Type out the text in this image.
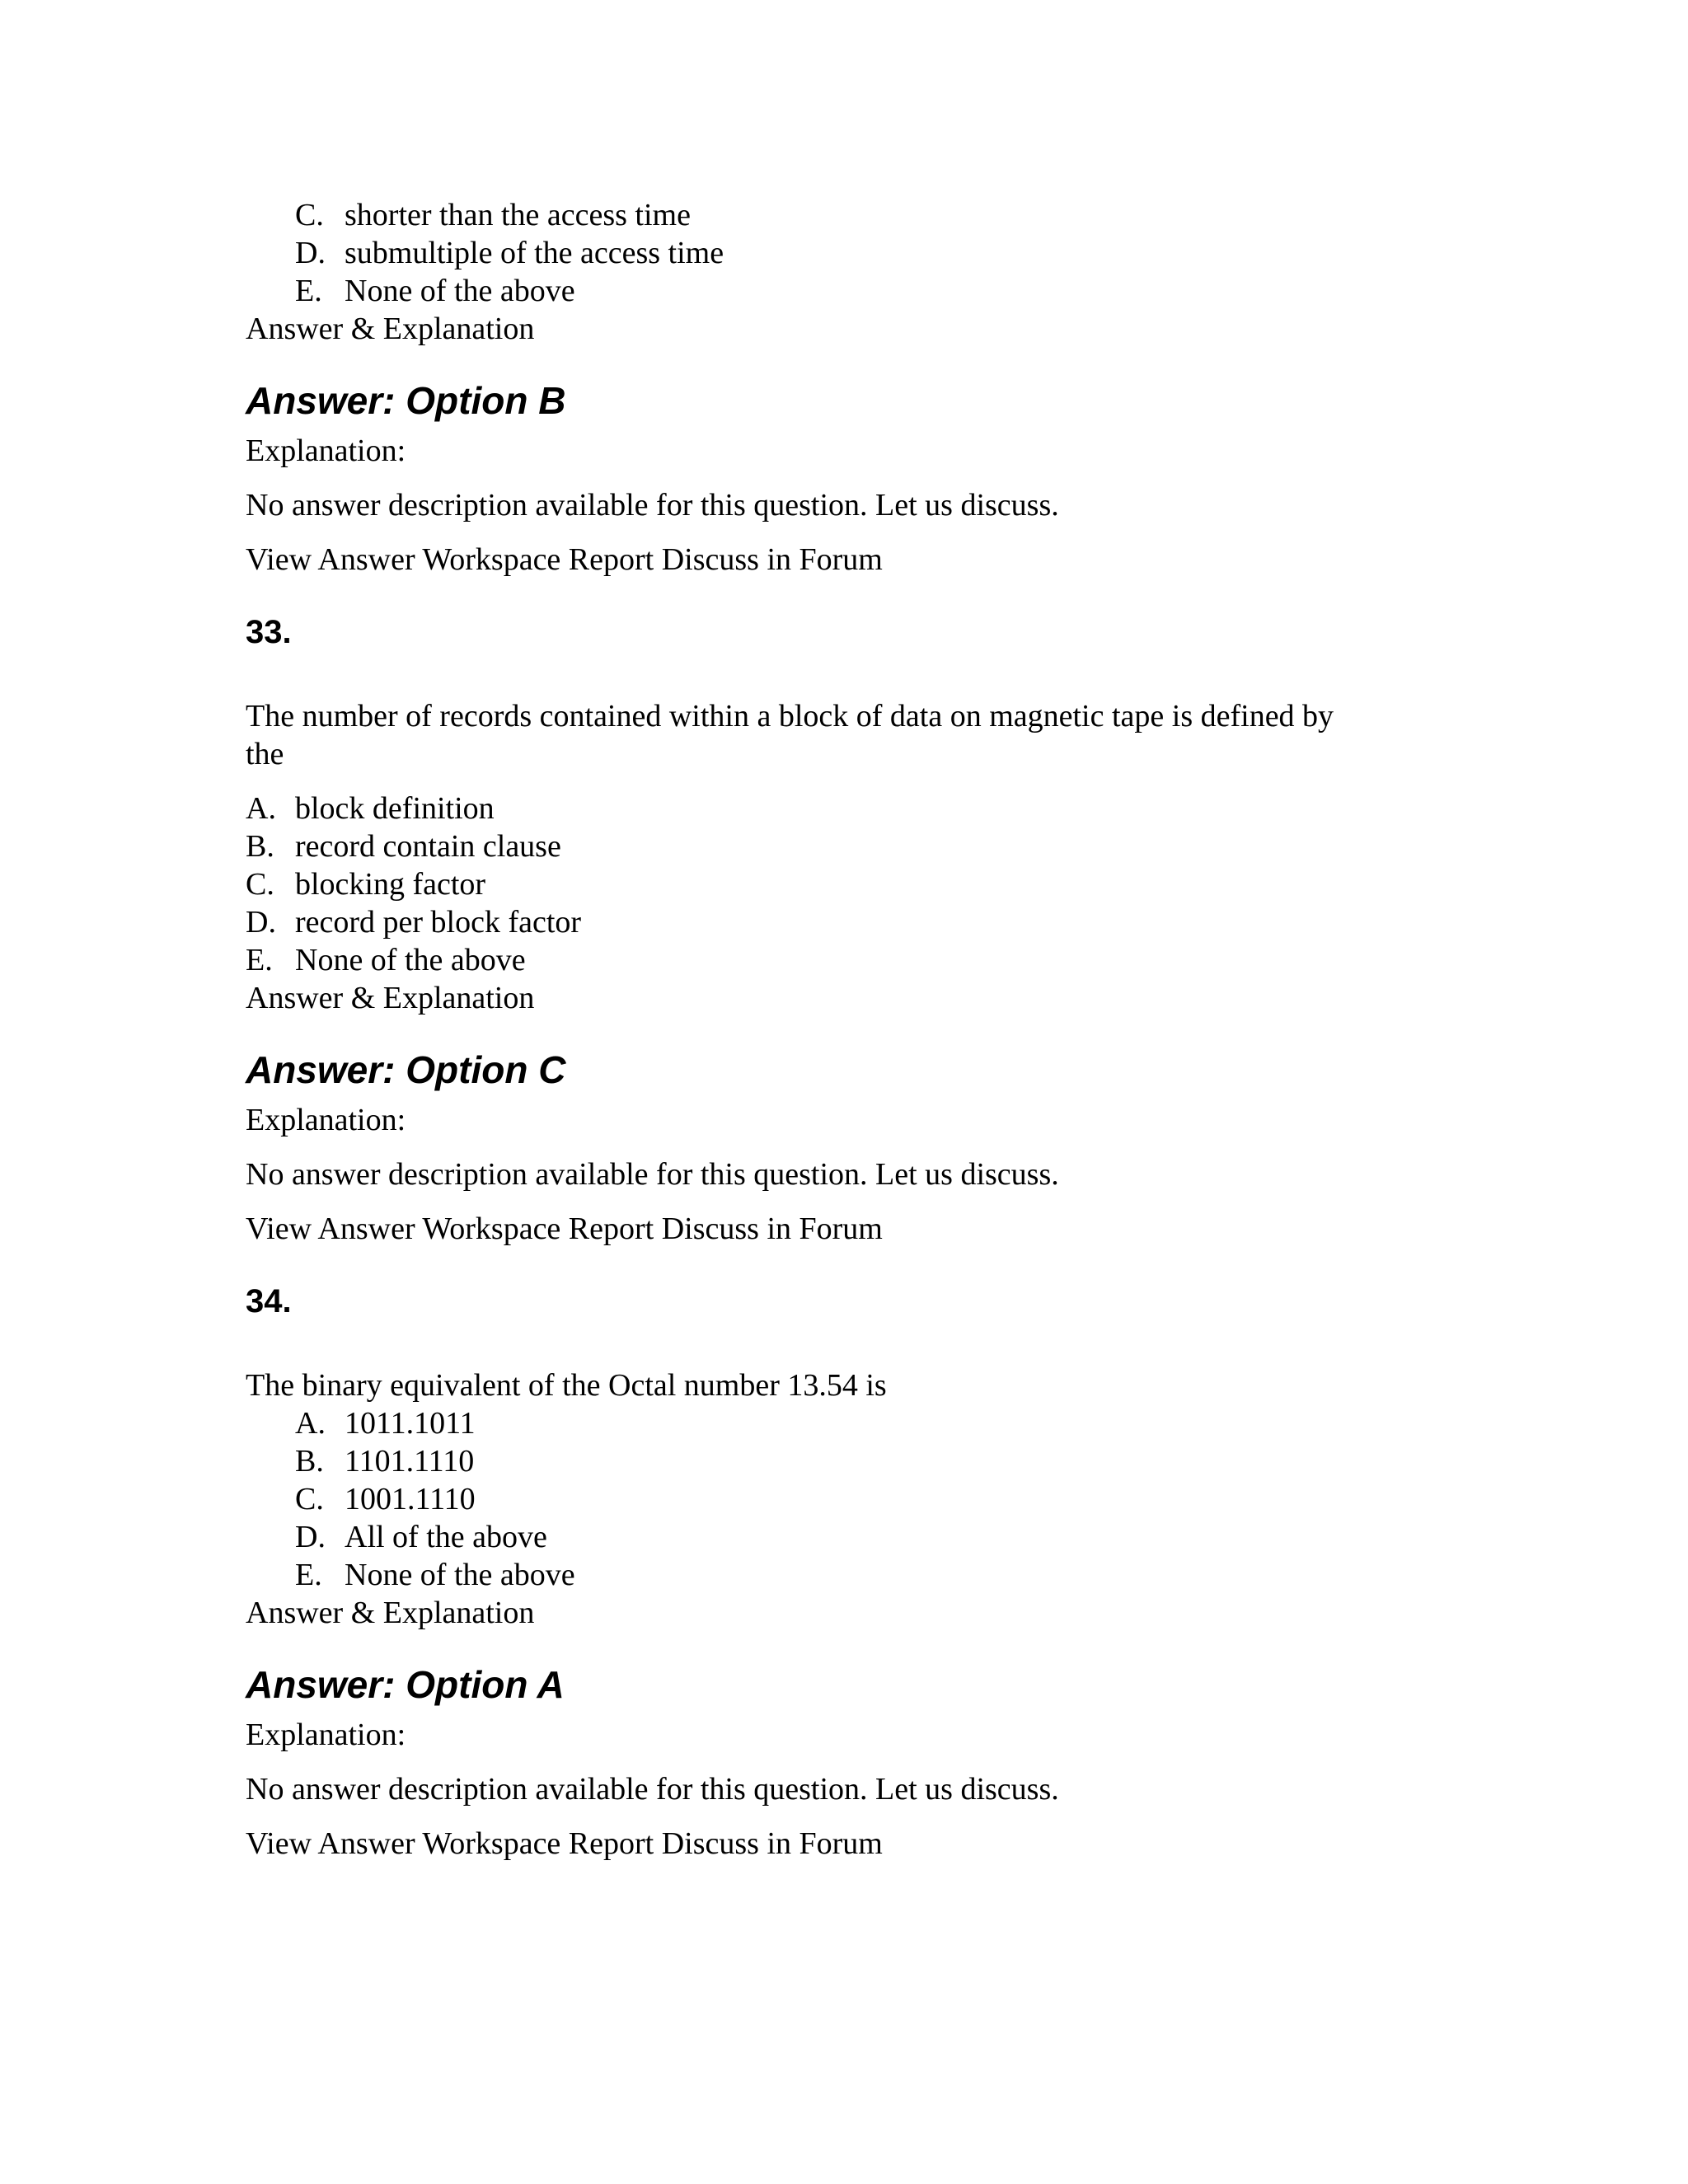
C. shorter than the access time
D. submultiple of the access time
E. None of the above
Answer & Explanation
Answer: Option B
Explanation:
No answer description available for this question. Let us discuss.
View Answer Workspace Report Discuss in Forum
33.
The number of records contained within a block of data on magnetic tape is defined by
the
A. block definition
B. record contain clause
C. blocking factor
D. record per block factor
E. None of the above
Answer & Explanation
Answer: Option C
Explanation:
No answer description available for this question. Let us discuss.
View Answer Workspace Report Discuss in Forum
34.
The binary equivalent of the Octal number 13.54 is
A. 1011.1011
B. 1101.1110
C. 1001.1110
D. All of the above
E. None of the above
Answer & Explanation
Answer: Option A
Explanation:
No answer description available for this question. Let us discuss.
View Answer Workspace Report Discuss in Forum
